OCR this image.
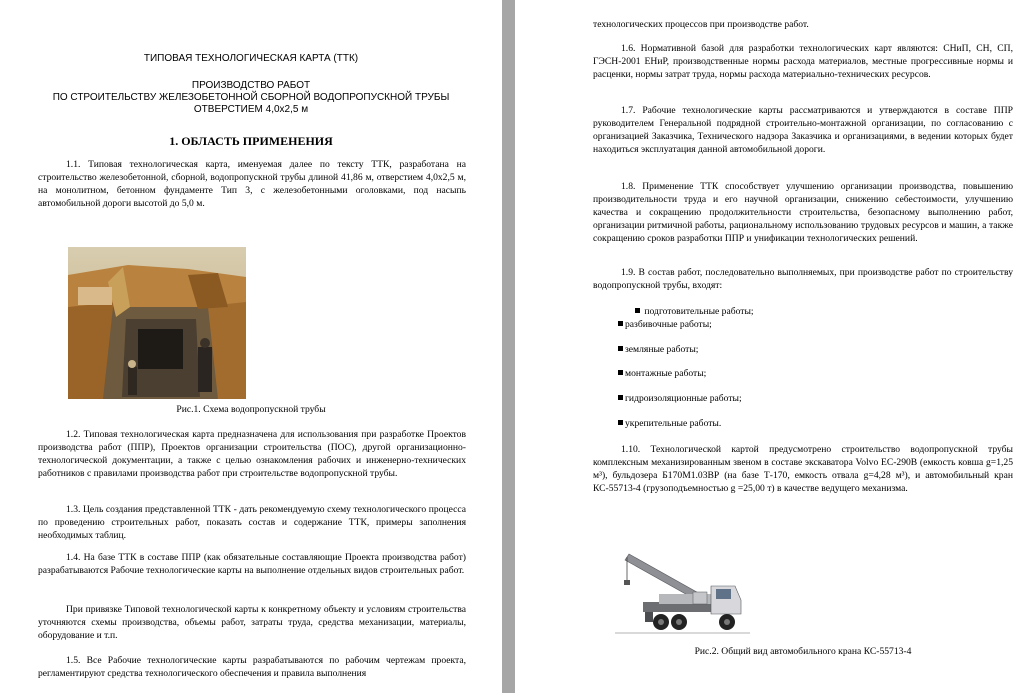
ТИПОВАЯ ТЕХНОЛОГИЧЕСКАЯ КАРТА (ТТК)
ПРОИЗВОДСТВО РАБОТ
ПО СТРОИТЕЛЬСТВУ ЖЕЛЕЗОБЕТОННОЙ СБОРНОЙ ВОДОПРОПУСКНОЙ ТРУБЫ
ОТВЕРСТИЕМ 4,0x2,5 м
1. ОБЛАСТЬ ПРИМЕНЕНИЯ
1.1. Типовая технологическая карта, именуемая далее по тексту ТТК, разработана на строительство железобетонной, сборной, водопропускной трубы длиной 41,86 м, отверстием 4,0х2,5 м, на монолитном, бетонном фундаменте Тип 3, с железобетонными оголовками, под насыпь автомобильной дороги высотой до 5,0 м.
Рис.1. Схема водопропускной трубы
1.2. Типовая технологическая карта предназначена для использования при разработке Проектов производства работ (ППР), Проектов организации строительства (ПОС), другой организационно-технологической документации, а также с целью ознакомления рабочих и инженерно-технических работников с правилами производства работ при строительстве водопропускной трубы.
1.3. Цель создания представленной ТТК - дать рекомендуемую схему технологического процесса по проведению строительных работ, показать состав и содержание ТТК, примеры заполнения необходимых таблиц.
1.4. На базе ТТК в составе ППР (как обязательные составляющие Проекта производства работ) разрабатываются Рабочие технологические карты на выполнение отдельных видов строительных работ.
При привязке Типовой технологической карты к конкретному объекту и условиям строительства уточняются схемы производства, объемы работ, затраты труда, средства механизации, материалы, оборудование и т.п.
1.5. Все Рабочие технологические карты разрабатываются по рабочим чертежам проекта, регламентируют средства технологического обеспечения и правила выполнения
технологических процессов при производстве работ.
1.6. Нормативной базой для разработки технологических карт являются: СНиП, СН, СП, ГЭСН-2001 ЕНиР, производственные нормы расхода материалов, местные прогрессивные нормы и расценки, нормы затрат труда, нормы расхода материально-технических ресурсов.
1.7. Рабочие технологические карты рассматриваются и утверждаются в составе ППР руководителем Генеральной подрядной строительно-монтажной организации, по согласованию с организацией Заказчика, Технического надзора Заказчика и организациями, в ведении которых будет находиться эксплуатация данной автомобильной дороги.
1.8. Применение ТТК способствует улучшению организации производства, повышению производительности труда и его научной организации, снижению себестоимости, улучшению качества и сокращению продолжительности строительства, безопасному выполнению работ, организации ритмичной работы, рациональному использованию трудовых ресурсов и машин, а также сокращению сроков разработки ППР и унификации технологических решений.
1.9. В состав работ, последовательно выполняемых, при производстве работ по строительству водопропускной трубы, входят:
подготовительные работы;
разбивочные работы;
земляные работы;
монтажные работы;
гидроизоляционные работы;
укрепительные работы.
1.10. Технологической картой предусмотрено строительство водопропускной трубы комплексным механизированным звеном в составе экскаватора Volvo EC-290B (емкость ковша g=1,25 м³), бульдозера Б170М1.03ВР (на базе Т-170, емкость отвала g=4,28 м³), и автомобильный кран КС-55713-4 (грузоподъемностью g =25,00 т) в качестве ведущего механизма.
Рис.2. Общий вид автомобильного крана КС-55713-4
